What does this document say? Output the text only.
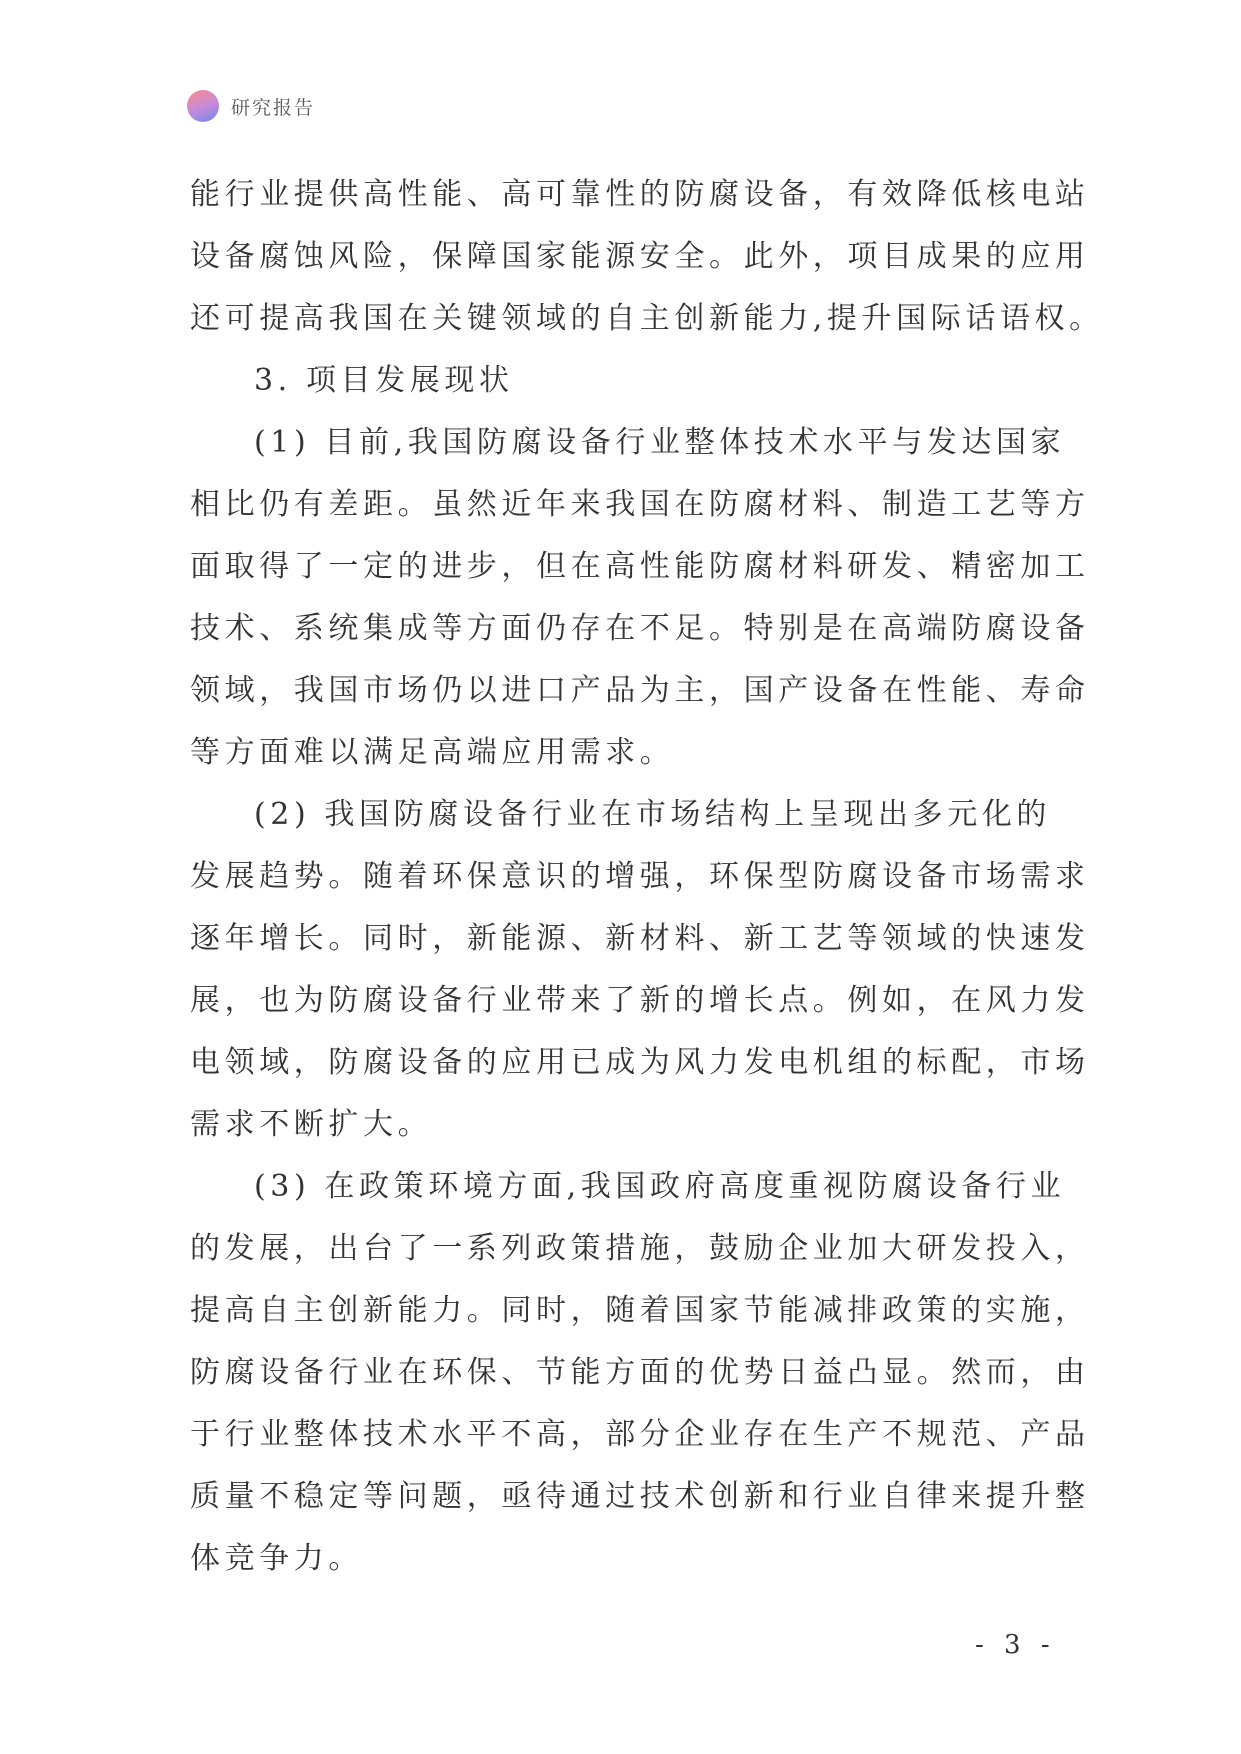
研究报告

能行业提供高性能、高可靠性的防腐设备，有效降低核电站
设备腐蚀风险，保障国家能源安全。此外，项目成果的应用
还可提高我国在关键领域的自主创新能力,提升国际话语权。

3. 项目发展现状

(1) 目前,我国防腐设备行业整体技术水平与发达国家
相比仍有差距。虽然近年来我国在防腐材料、制造工艺等方
面取得了一定的进步，但在高性能防腐材料研发、精密加工
技术、系统集成等方面仍存在不足。特别是在高端防腐设备
领域，我国市场仍以进口产品为主，国产设备在性能、寿命
等方面难以满足高端应用需求。

(2) 我国防腐设备行业在市场结构上呈现出多元化的
发展趋势。随着环保意识的增强，环保型防腐设备市场需求
逐年增长。同时，新能源、新材料、新工艺等领域的快速发
展，也为防腐设备行业带来了新的增长点。例如，在风力发
电领域，防腐设备的应用已成为风力发电机组的标配，市场
需求不断扩大。

(3) 在政策环境方面,我国政府高度重视防腐设备行业
的发展，出台了一系列政策措施，鼓励企业加大研发投入，
提高自主创新能力。同时，随着国家节能减排政策的实施，
防腐设备行业在环保、节能方面的优势日益凸显。然而，由
于行业整体技术水平不高，部分企业存在生产不规范、产品
质量不稳定等问题，亟待通过技术创新和行业自律来提升整
体竞争力。

- 3 -
